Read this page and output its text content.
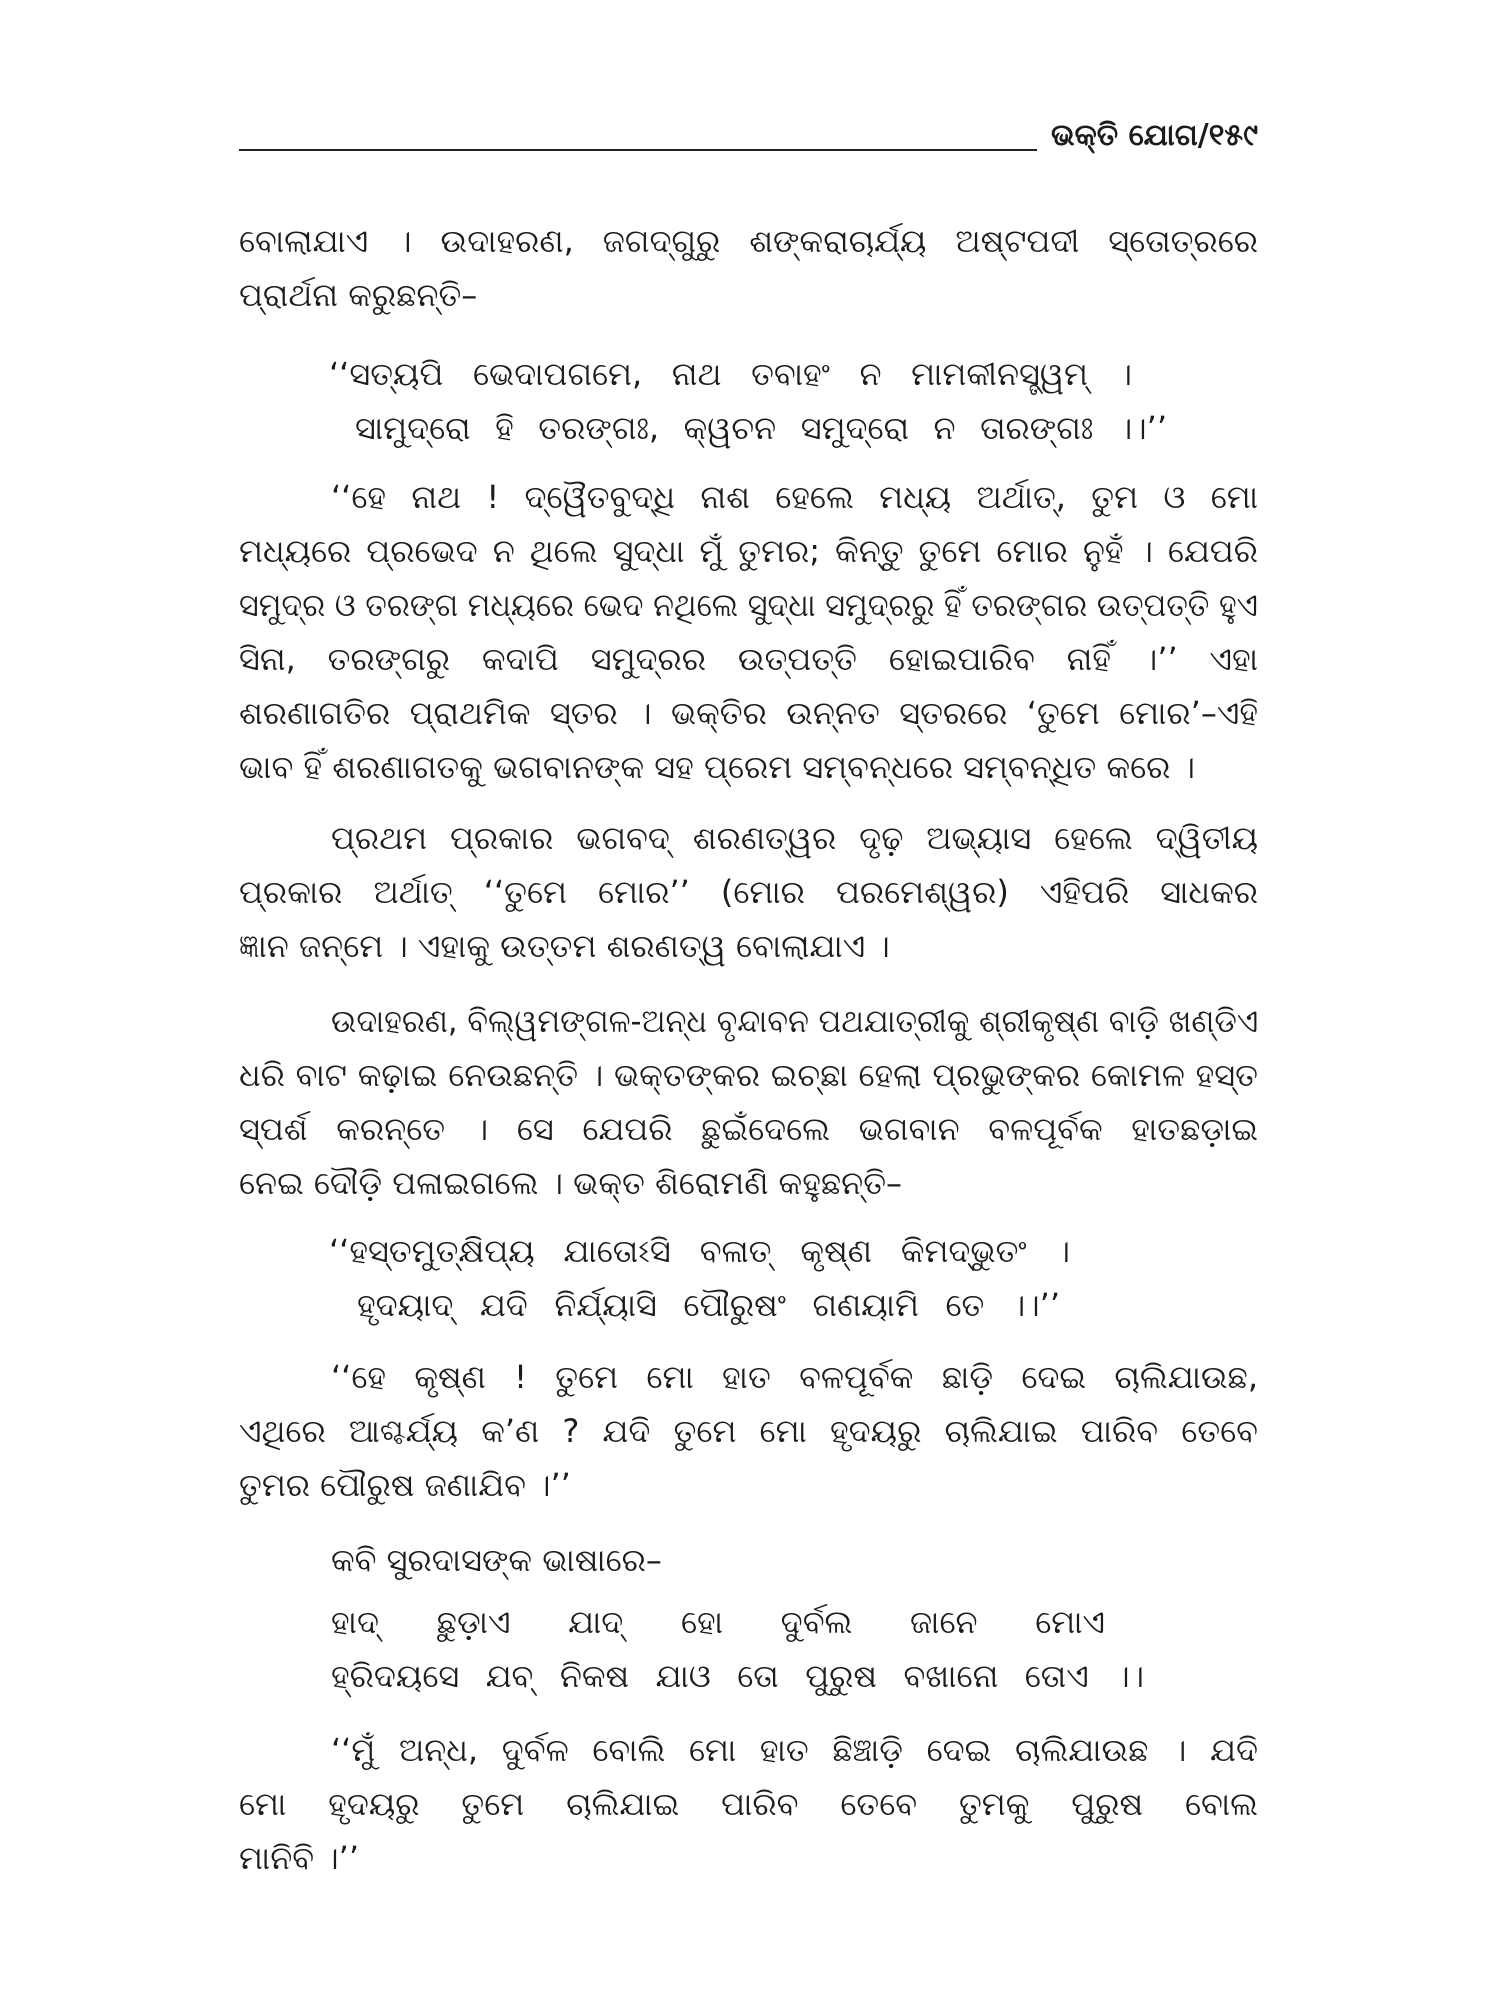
ଭକ୍ତି ଯୋଗ/୧୫୯
ବୋଲାଯାଏ । ଉଦାହରଣ, ଜଗଦ୍‌ଗୁରୁ ଶଙ୍କରାଚାର୍ଯ୍ୟ ଅଷ୍ଟପଦୀ ସ୍ତୋତ୍ରରେ
ପ୍ରାର୍ଥନା କରୁଛନ୍ତି–
‘‘ସତ୍ୟପି ଭେଦାପଗମେ, ନାଥ ତବାହଂ ନ ମାମକୀନସ୍ତ୍ୱମ୍ ।
ସାମୁଦ୍ରୋ ହି ତରଙ୍ଗଃ, କ୍ୱଚନ ସମୁଦ୍ରୋ ନ ତାରଙ୍ଗଃ ।।’’
‘‘ହେ ନାଥ ! ଦ୍ୱୈତବୁଦ୍ଧି ନାଶ ହେଲେ ମଧ୍ୟ ଅର୍ଥାତ୍‌, ତୁମ ଓ ମୋ
ମଧ୍ୟରେ ପ୍ରଭେଦ ନ ଥିଲେ ସୁଦ୍ଧା ମୁଁ ତୁମର; କିନ୍ତୁ ତୁମେ ମୋର ନୁହଁ । ଯେପରି
ସମୁଦ୍ର ଓ ତରଙ୍ଗ ମଧ୍ୟରେ ଭେଦ ନଥିଲେ ସୁଦ୍ଧା ସମୁଦ୍ରରୁ ହିଁ ତରଙ୍ଗର ଉତ୍ପତ୍ତି ହୁଏ
ସିନା, ତରଙ୍ଗରୁ କଦାପି ସମୁଦ୍ରର ଉତ୍ପତ୍ତି ହୋଇପାରିବ ନାହିଁ ।’’ ଏହା
ଶରଣାଗତିର ପ୍ରାଥମିକ ସ୍ତର । ଭକ୍ତିର ଉନ୍ନତ ସ୍ତରରେ ‘ତୁମେ ମୋର’–ଏହି
ଭାବ ହିଁ ଶରଣାଗତକୁ ଭଗବାନଙ୍କ ସହ ପ୍ରେମ ସମ୍ବନ୍ଧରେ ସମ୍ବନ୍ଧିତ କରେ ।
ପ୍ରଥମ ପ୍ରକାର ଭଗବଦ୍‌ ଶରଣତ୍ୱର ଦୃଢ଼ ଅଭ୍ୟାସ ହେଲେ ଦ୍ୱିତୀୟ
ପ୍ରକାର ଅର୍ଥାତ୍‌ ‘‘ତୁମେ ମୋର’’ (ମୋର ପରମେଶ୍ୱର) ଏହିପରି ସାଧକର
ଜ୍ଞାନ ଜନ୍ମେ । ଏହାକୁ ଉତ୍ତମ ଶରଣତ୍ୱ ବୋଲାଯାଏ ।
ଉଦାହରଣ, ବିଲ୍ୱମଙ୍ଗଳ-ଅନ୍ଧ ବୃନ୍ଦାବନ ପଥଯାତ୍ରୀକୁ ଶ୍ରୀକୃଷ୍ଣ ବାଡ଼ି ଖଣ୍ଡିଏ
ଧରି ବାଟ କଢ଼ାଇ ନେଉଛନ୍ତି । ଭକ୍ତଙ୍କର ଇଚ୍ଛା ହେଲା ପ୍ରଭୁଙ୍କର କୋମଳ ହସ୍ତ
ସ୍ପର୍ଶ କରନ୍ତେ । ସେ ଯେପରି ଛୁଇଁଦେଲେ ଭଗବାନ ବଳପୂର୍ବକ ହାତଛଡ଼ାଇ
ନେଇ ଦୌଡ଼ି ପଳାଇଗଲେ । ଭକ୍ତ ଶିରୋମଣି କହୁଛନ୍ତି–
‘‘ହସ୍ତମୁତ୍‌କ୍ଷିପ୍ୟ ଯାତୋଽସି ବଳାତ୍‌ କୃଷ୍ଣ କିମଦ୍ଭୁତଂ ।
ହୃଦୟାଦ୍‌ ଯଦି ନିର୍ଯ୍ୟାସି ପୌରୁଷଂ ଗଣୟାମି ତେ ।।’’
‘‘ହେ କୃଷ୍ଣ ! ତୁମେ ମୋ ହାତ ବଳପୂର୍ବକ ଛାଡ଼ି ଦେଇ ଚାଲିଯାଉଛ,
ଏଥିରେ ଆଶ୍ଚର୍ଯ୍ୟ କ’ଣ ? ଯଦି ତୁମେ ମୋ ହୃଦୟରୁ ଚାଲିଯାଇ ପାରିବ ତେବେ
ତୁମର ପୌରୁଷ ଜଣାଯିବ ।’’
କବି ସୁରଦାସଙ୍କ ଭାଷାରେ–
ହାଦ୍‌ ଛୁଡ଼ାଏ ଯାଦ୍‌ ହୋ ଦୁର୍ବଲ ଜାନେ ମୋଏ
ହ୍ରିଦୟସେ ଯବ୍‌ ନିକଷ ଯାଓ ତୋ ପୁରୁଷ ବଖାନୋ ତୋଏ ।।
‘‘ମୁଁ ଅନ୍ଧ, ଦୁର୍ବଳ ବୋଲି ମୋ ହାତ ଛିଞ୍ଚାଡ଼ି ଦେଇ ଚାଲିଯାଉଛ । ଯଦି
ମୋ ହୃଦୟରୁ ତୁମେ ଚାଲିଯାଇ ପାରିବ ତେବେ ତୁମକୁ ପୁରୁଷ ବୋଲ
ମାନିବି ।’’
